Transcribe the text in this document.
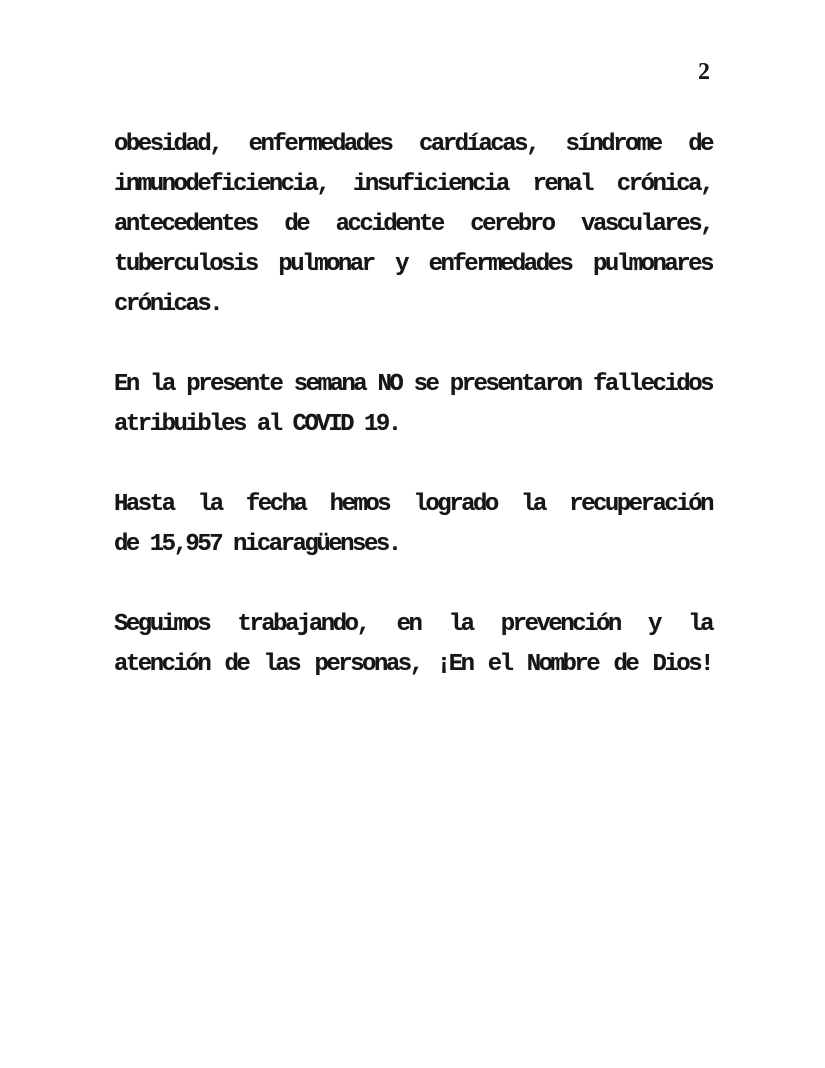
2
obesidad, enfermedades cardíacas, síndrome de
inmunodeficiencia, insuficiencia renal crónica,
antecedentes de accidente cerebro vasculares,
tuberculosis pulmonar y enfermedades pulmonares
crónicas.
En la presente semana NO se presentaron fallecidos
atribuibles al COVID 19.
Hasta la fecha hemos logrado la recuperación
de 15,957 nicaragüenses.
Seguimos trabajando, en la prevención y la
atención de las personas, ¡En el Nombre de Dios!
